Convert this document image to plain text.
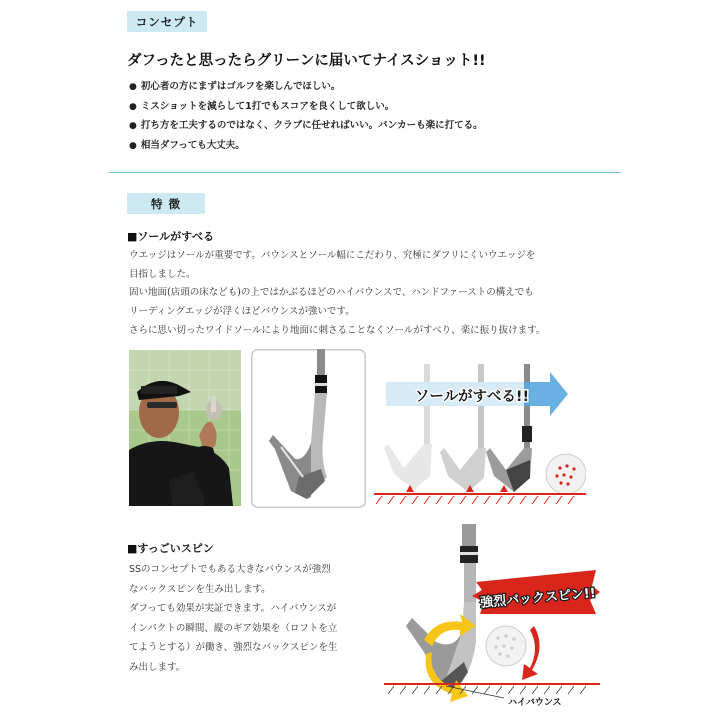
コンセプト
ダフったと思ったらグリーンに届いてナイスショット!!
● 初心者の方にまずはゴルフを楽しんでほしい。
● ミスショットを減らして1打でもスコアを良くして欲しい。
● 打ち方を工夫するのではなく、クラブに任せればいい。バンカーも楽に打てる。
● 相当ダフっても大丈夫。
特 徴
■ソールがすべる
ウエッジはソールが重要です。バウンスとソール幅にこだわり、究極にダフリにくいウエッジを
目指しました。
固い地面(店頭の床なども)の上ではかぶるほどのハイバウンスで、ハンドファーストの構えでも
リーディングエッジが浮くほどバウンスが強いです。
さらに思い切ったワイドソールにより地面に刺さることなくソールがすべり、楽に振り抜けます。
ソールがすべる!!
■すっごいスピン
SSのコンセプトでもある大きなバウンスが強烈
なバックスピンを生み出します。
ダフっても効果が実証できます。ハイバウンスが
インパクトの瞬間、縦のギア効果を（ロフトを立
てようとする）が働き、強烈なバックスピンを生
み出します。
強烈バックスピン!!
ハイバウンス
